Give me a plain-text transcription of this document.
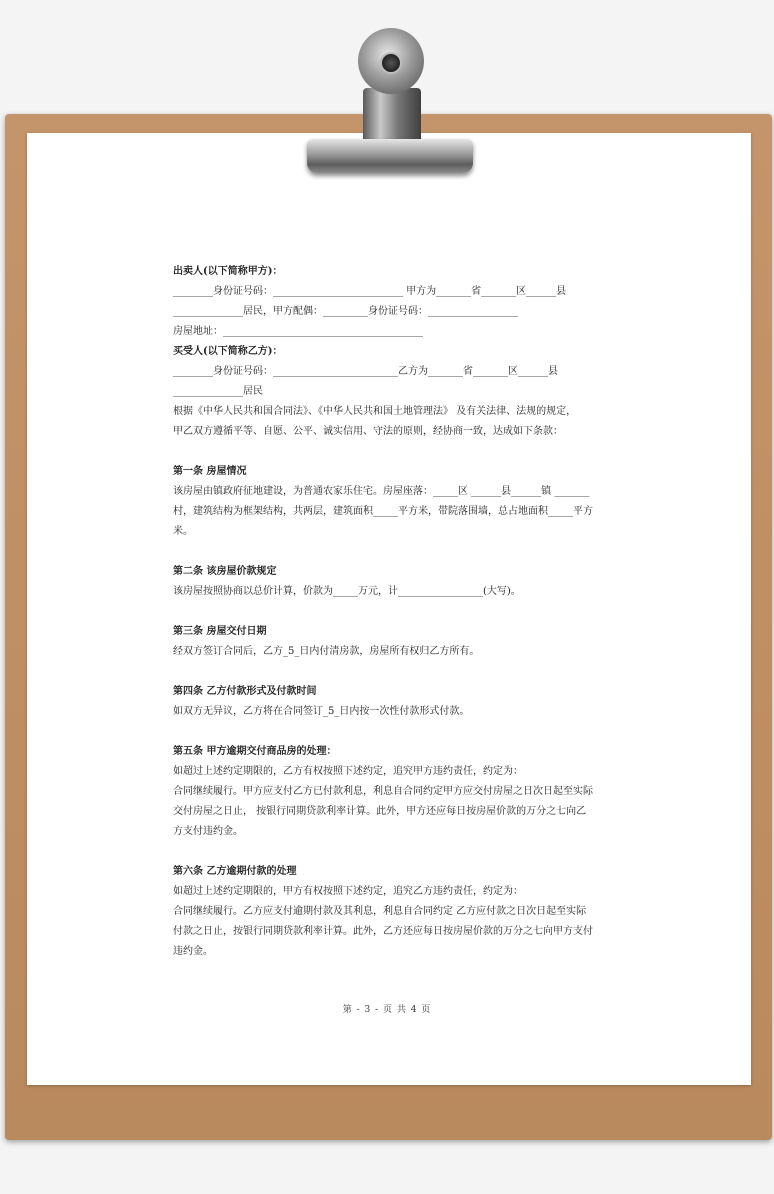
出卖人(以下简称甲方)：
________身份证号码：__________________________ 甲方为_______省_______区______县
______________居民，甲方配偶：_________身份证号码：__________________
房屋地址：________________________________________
买受人(以下简称乙方)：
________身份证号码：_________________________乙方为_______省_______区______县
______________居民
根据《中华人民共和国合同法》、《中华人民共和国土地管理法》 及有关法律、法规的规定，
甲乙双方遵循平等、自愿、公平、诚实信用、守法的原则，经协商一致，达成如下条款：
第一条 房屋情况
该房屋由镇政府征地建设，为普通农家乐住宅。房屋座落：_____区 ______县______镇 _______
村，建筑结构为框架结构，共两层，建筑面积_____平方米，带院落围墙，总占地面积_____平方
米。
第二条 该房屋价款规定
该房屋按照协商以总价计算，价款为_____万元，计_________________(大写)。
第三条 房屋交付日期
经双方签订合同后，乙方_5_日内付清房款，房屋所有权归乙方所有。
第四条 乙方付款形式及付款时间
如双方无异议，乙方将在合同签订_5_日内按一次性付款形式付款。
第五条 甲方逾期交付商品房的处理：
如超过上述约定期限的，乙方有权按照下述约定，追究甲方违约责任，约定为：
合同继续履行。甲方应支付乙方已付款利息，利息自合同约定甲方应交付房屋之日次日起至实际
交付房屋之日止， 按银行同期贷款利率计算。此外，甲方还应每日按房屋价款的万分之七向乙
方支付违约金。
第六条 乙方逾期付款的处理
如超过上述约定期限的，甲方有权按照下述约定，追究乙方违约责任，约定为：
合同继续履行。乙方应支付逾期付款及其利息，利息自合同约定 乙方应付款之日次日起至实际
付款之日止，按银行同期贷款利率计算。此外，乙方还应每日按房屋价款的万分之七向甲方支付
违约金。
第 - 3 - 页 共 4 页
